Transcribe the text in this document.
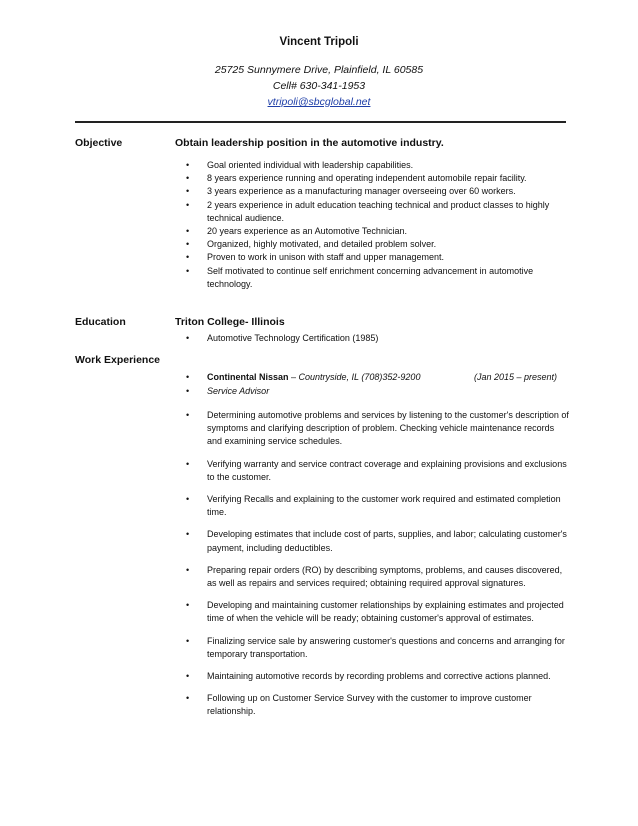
Vincent Tripoli
25725 Sunnymere Drive, Plainfield, IL 60585
Cell# 630-341-1953
vtripoli@sbcglobal.net
Objective	Obtain leadership position in the automotive industry.
• Goal oriented individual with leadership capabilities.
• 8 years experience running and operating independent automobile repair facility.
• 3 years experience as a manufacturing manager overseeing over 60 workers.
• 2 years experience in adult education teaching technical and product classes to highly technical audience.
• 20 years experience as an Automotive Technician.
• Organized, highly motivated, and detailed problem solver.
• Proven to work in unison with staff and upper management.
• Self motivated to continue self enrichment concerning advancement in automotive technology.
Education	Triton College- Illinois
• Automotive Technology Certification (1985)
Work Experience
• Continental Nissan – Countryside, IL (708)352-9200	(Jan 2015 – present)
• Service Advisor
• Determining automotive problems and services by listening to the customer's description of symptoms and clarifying description of problem. Checking vehicle maintenance records and examining service schedules.
• Verifying warranty and service contract coverage and explaining provisions and exclusions to the customer.
• Verifying Recalls and explaining to the customer work required and estimated completion time.
• Developing estimates that include cost of parts, supplies, and labor; calculating customer's payment, including deductibles.
• Preparing repair orders (RO) by describing symptoms, problems, and causes discovered, as well as repairs and services required; obtaining required approval signatures.
• Developing and maintaining customer relationships by explaining estimates and projected time of when the vehicle will be ready; obtaining customer's approval of estimates.
• Finalizing service sale by answering customer's questions and concerns and arranging for temporary transportation.
• Maintaining automotive records by recording problems and corrective actions planned.
• Following up on Customer Service Survey with the customer to improve customer relationship.
